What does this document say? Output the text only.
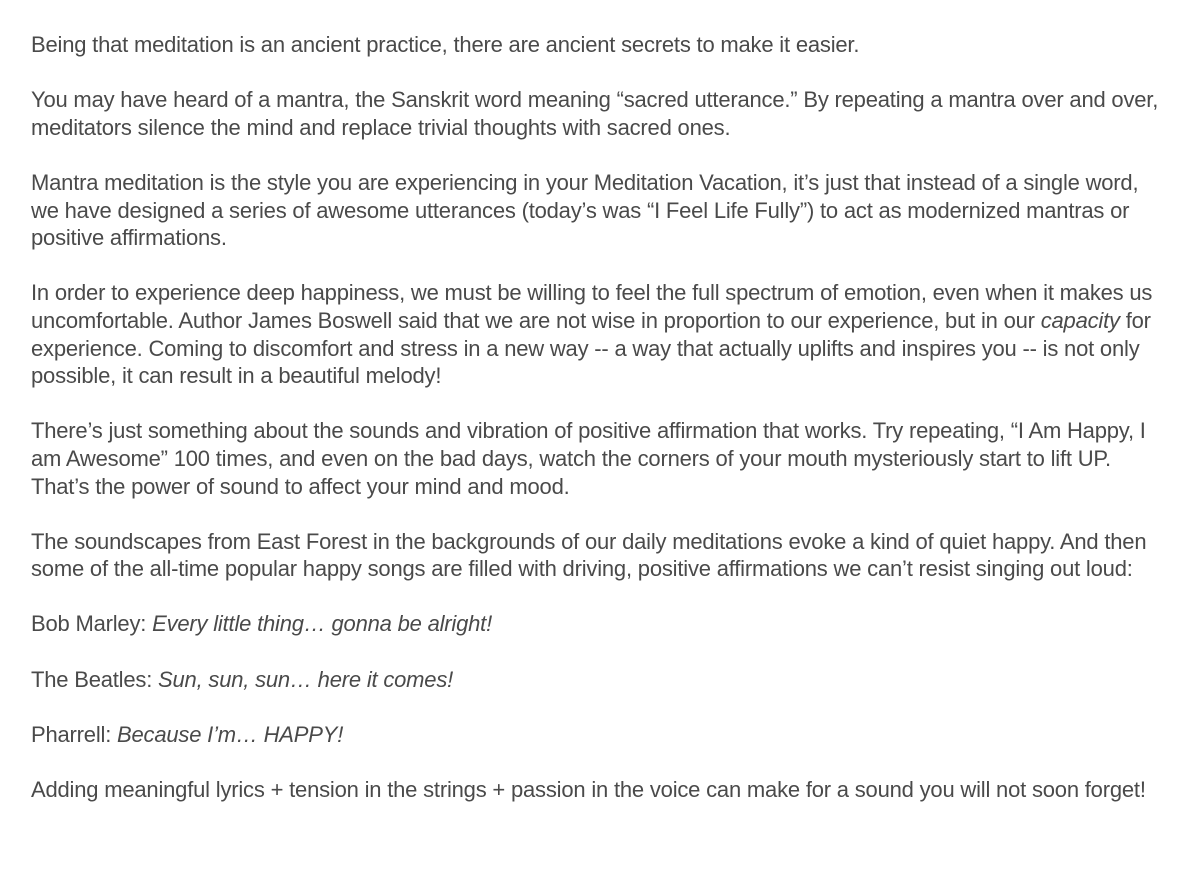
Being that meditation is an ancient practice, there are ancient secrets to make it easier.

You may have heard of a mantra, the Sanskrit word meaning “sacred utterance.” By repeating a mantra over and over, meditators silence the mind and replace trivial thoughts with sacred ones.

Mantra meditation is the style you are experiencing in your Meditation Vacation, it’s just that instead of a single word, we have designed a series of awesome utterances (today’s was “I Feel Life Fully”) to act as modernized mantras or positive affirmations.

In order to experience deep happiness, we must be willing to feel the full spectrum of emotion, even when it makes us uncomfortable. Author James Boswell said that we are not wise in proportion to our experience, but in our capacity for experience. Coming to discomfort and stress in a new way -- a way that actually uplifts and inspires you -- is not only possible, it can result in a beautiful melody!

There’s just something about the sounds and vibration of positive affirmation that works. Try repeating, “I Am Happy, I am Awesome” 100 times, and even on the bad days, watch the corners of your mouth mysteriously start to lift UP. That’s the power of sound to affect your mind and mood.

The soundscapes from East Forest in the backgrounds of our daily meditations evoke a kind of quiet happy. And then some of the all-time popular happy songs are filled with driving, positive affirmations we can’t resist singing out loud:

Bob Marley: Every little thing… gonna be alright!

The Beatles: Sun, sun, sun… here it comes!

Pharrell: Because I’m… HAPPY!

Adding meaningful lyrics + tension in the strings + passion in the voice can make for a sound you will not soon forget!
